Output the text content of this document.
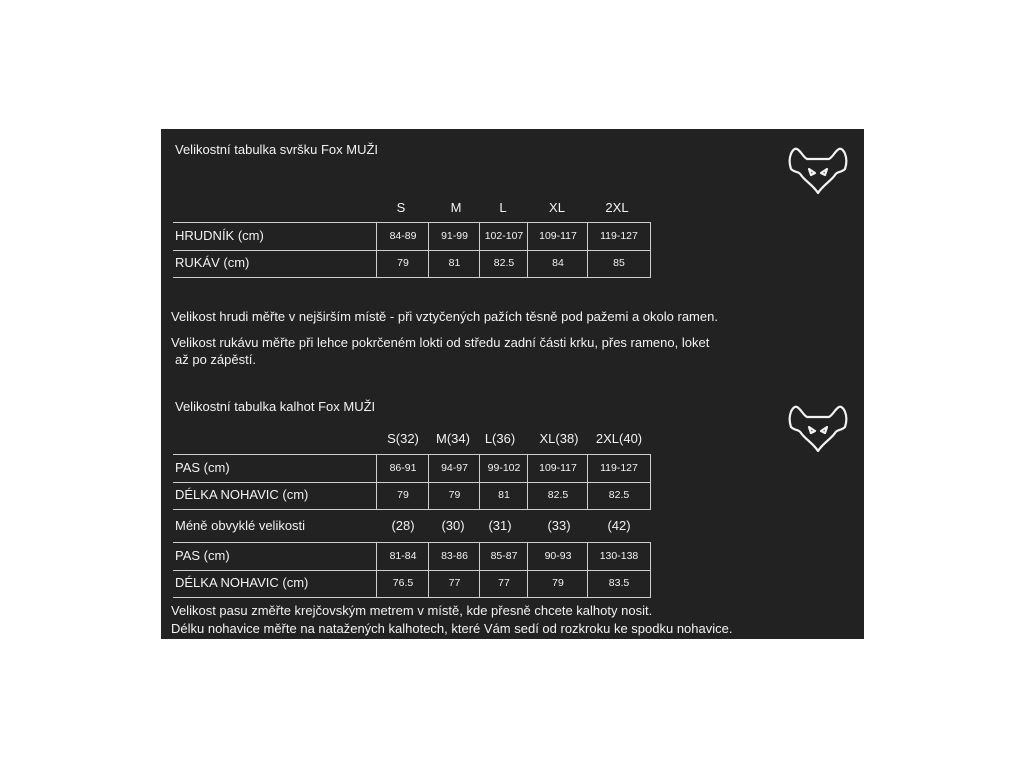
Velikostní tabulka svršku Fox MUŽI
S	M	L	XL	2XL
HRUDNÍK (cm)	84-89	91-99	102-107	109-117	119-127
RUKÁV (cm)	79	81	82.5	84	85
Velikost hrudi měřte v nejširším místě - při vztyčených pažích těsně pod pažemi a okolo ramen.
Velikost rukávu měřte při lehce pokrčeném lokti od středu zadní části krku, přes rameno, loket
až po zápěstí.
Velikostní tabulka kalhot Fox MUŽI
S(32)	M(34)	L(36)	XL(38)	2XL(40)
PAS (cm)	86-91	94-97	99-102	109-117	119-127
DÉLKA NOHAVIC (cm)	79	79	81	82.5	82.5
Méně obvyklé velikosti	(28)	(30)	(31)	(33)	(42)
PAS (cm)	81-84	83-86	85-87	90-93	130-138
DÉLKA NOHAVIC (cm)	76.5	77	77	79	83.5
Velikost pasu změřte krejčovským metrem v místě, kde přesně chcete kalhoty nosit.
Délku nohavice měřte na natažených kalhotech, které Vám sedí od rozkroku ke spodku nohavice.
